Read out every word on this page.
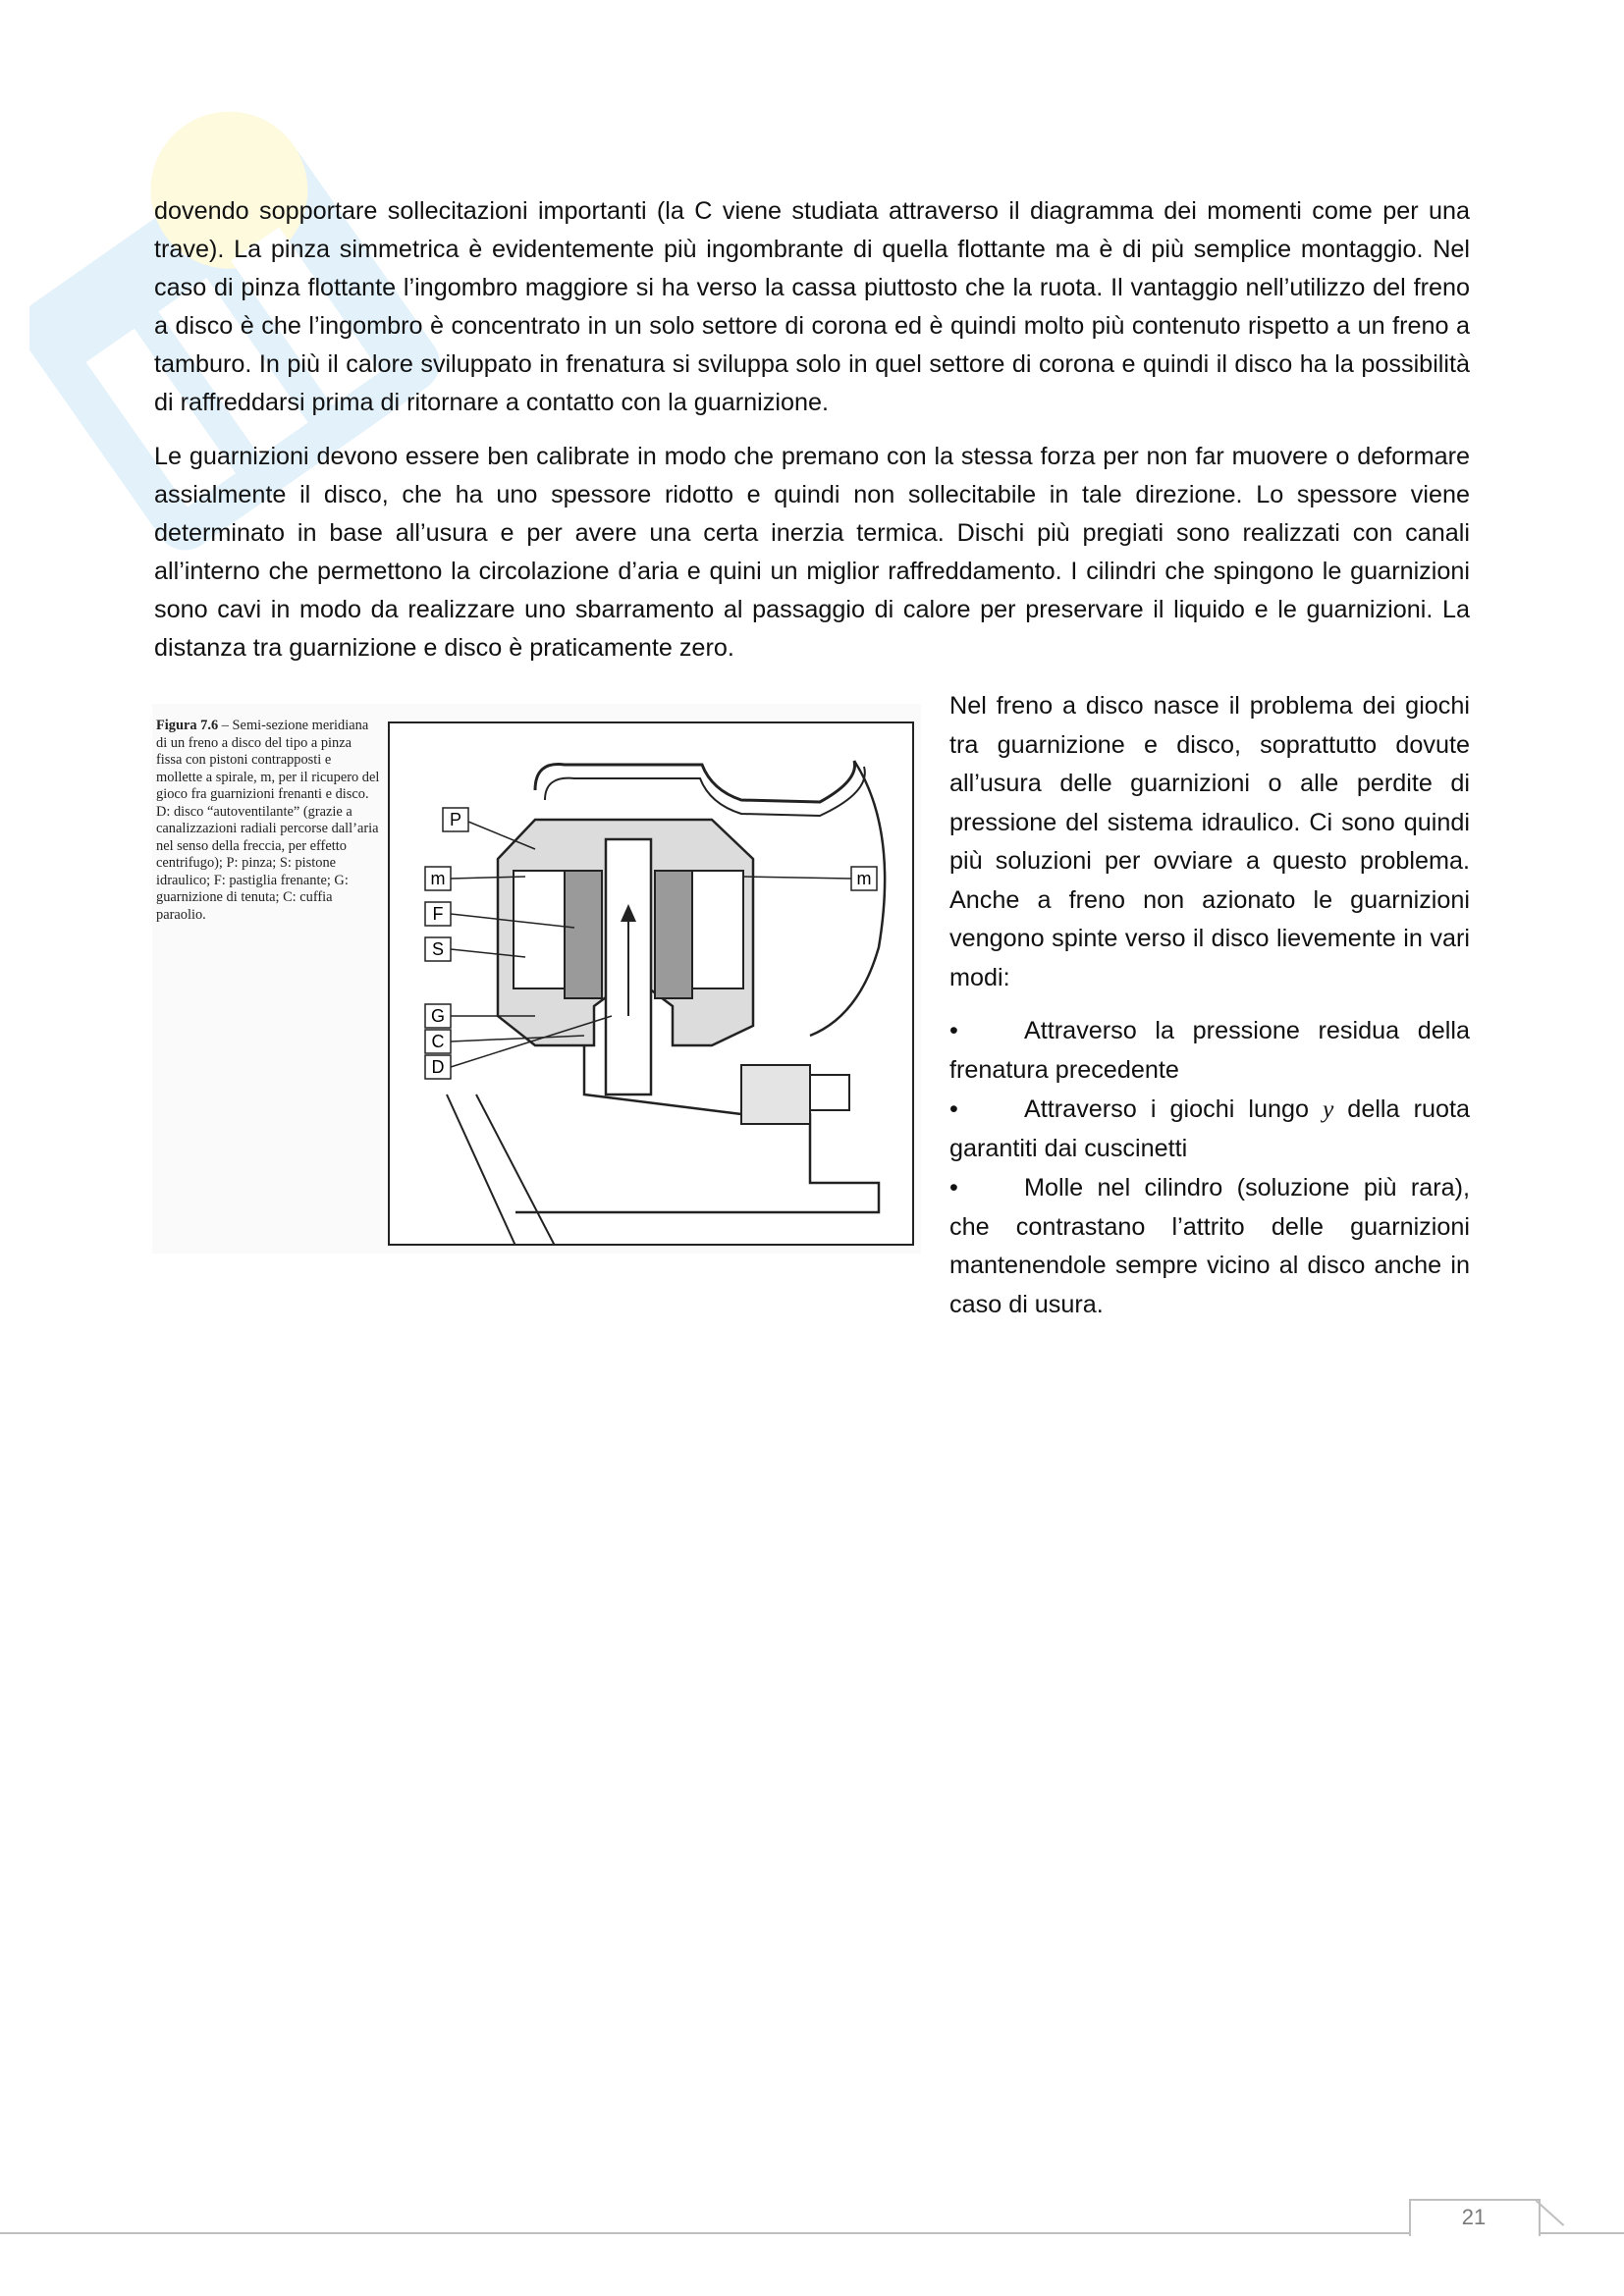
dovendo sopportare sollecitazioni importanti (la C viene studiata attraverso il diagramma dei momenti come per una trave). La pinza simmetrica è evidentemente più ingombrante di quella flottante ma è di più semplice montaggio. Nel caso di pinza flottante l’ingombro maggiore si ha verso la cassa piuttosto che la ruota. Il vantaggio nell’utilizzo del freno a disco è che l’ingombro è concentrato in un solo settore di corona ed è quindi molto più contenuto rispetto a un freno a tamburo. In più il calore sviluppato in frenatura si sviluppa solo in quel settore di corona e quindi il disco ha la possibilità di raffreddarsi prima di ritornare a contatto con la guarnizione.

Le guarnizioni devono essere ben calibrate in modo che premano con la stessa forza per non far muovere o deformare assialmente il disco, che ha uno spessore ridotto e quindi non sollecitabile in tale direzione. Lo spessore viene determinato in base all’usura e per avere una certa inerzia termica. Dischi più pregiati sono realizzati con canali all’interno che permettono la circolazione d’aria e quini un miglior raffreddamento. I cilindri che spingono le guarnizioni sono cavi in modo da realizzare uno sbarramento al passaggio di calore per preservare il liquido e le guarnizioni. La distanza tra guarnizione e disco è praticamente zero.

Figura 7.6 – Semi-sezione meridiana di un freno a disco del tipo a pinza fissa con pistoni contrapposti e mollette a spirale, m, per il ricupero del gioco fra guarnizioni frenanti e disco. D: disco “autoventilante” (grazie a canalizzazioni radiali percorse dall’aria nel senso della freccia, per effetto centrifugo); P: pinza; S: pistone idraulico; F: pastiglia frenante; G: guarnizione di tenuta; C: cuffia paraolio.
P
m	m
F
S
G
C
D

Nel freno a disco nasce il problema dei giochi tra guarnizione e disco, soprattutto dovute all’usura delle guarnizioni o alle perdite di pressione del sistema idraulico. Ci sono quindi più soluzioni per ovviare a questo problema. Anche a freno non azionato le guarnizioni vengono spinte verso il disco lievemente in vari modi:

•	Attraverso la pressione residua della frenatura precedente
•	Attraverso i giochi lungo y della ruota garantiti dai cuscinetti
•	Molle nel cilindro (soluzione più rara), che contrastano l’attrito delle guarnizioni mantenendole sempre vicino al disco anche in caso di usura.
21
